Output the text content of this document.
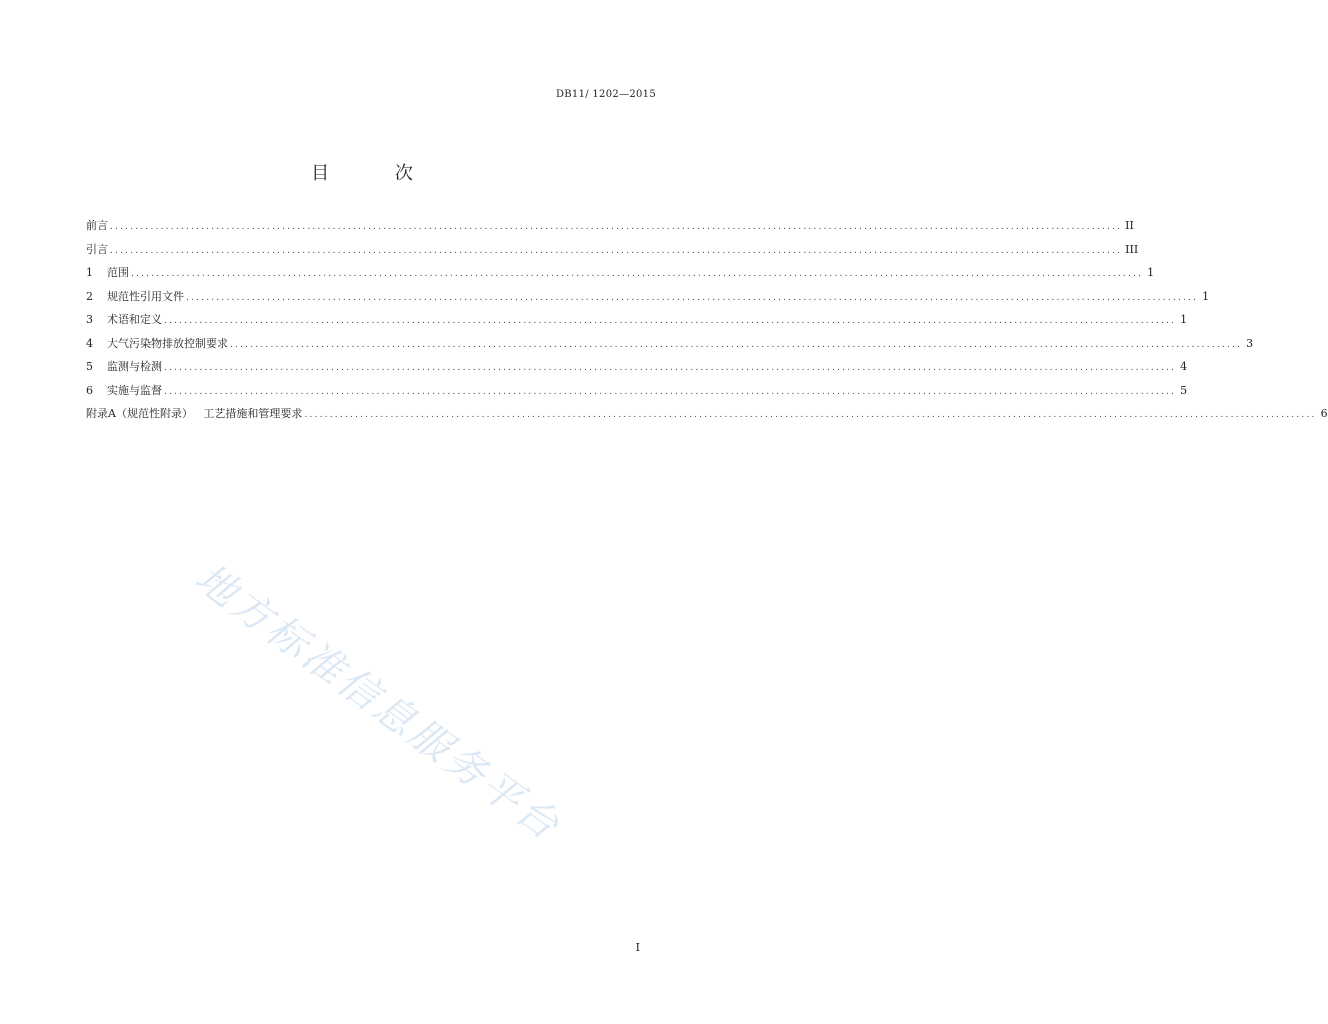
DB11/ 1202—2015
目 次
前言 ........................................................................................................................................................................................................ II
引言 ........................................................................................................................................................................................................ III
1	范围 ........................................................................................................................................................................................................ 1
2	规范性引用文件 ........................................................................................................................................................................................................ 1
3	术语和定义 ........................................................................................................................................................................................................ 1
4	大气污染物排放控制要求 ........................................................................................................................................................................................................ 3
5	监测与检测 ........................................................................................................................................................................................................ 4
6	实施与监督 ........................................................................................................................................................................................................ 5
附录A（规范性附录）   工艺措施和管理要求 ........................................................................................................................................................................................................ 6
地方标准信息服务平台
I
